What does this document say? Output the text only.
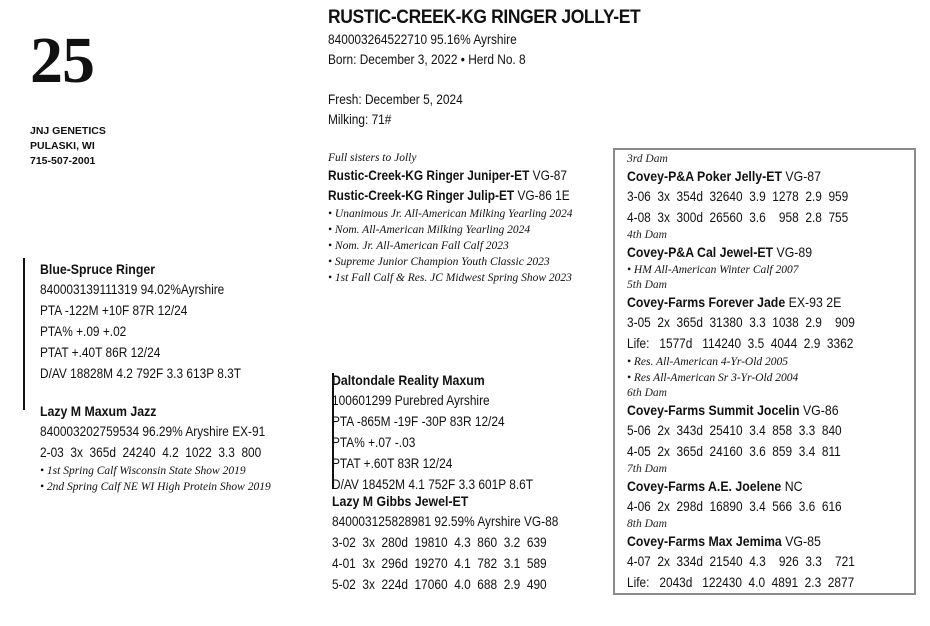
25
JNJ GENETICS
PULASKI, WI
715-507-2001
RUSTIC-CREEK-KG RINGER JOLLY-ET
840003264522710 95.16% Ayrshire
Born: December 3, 2022 • Herd No. 8
Fresh: December 5, 2024
Milking: 71#
Full sisters to Jolly
Rustic-Creek-KG Ringer Juniper-ET VG-87
Rustic-Creek-KG Ringer Julip-ET VG-86 1E
• Unanimous Jr. All-American Milking Yearling 2024
• Nom. All-American Milking Yearling 2024
• Nom. Jr. All-American Fall Calf 2023
• Supreme Junior Champion Youth Classic 2023
• 1st Fall Calf & Res. JC Midwest Spring Show 2023
Blue-Spruce Ringer
840003139111319 94.02%Ayrshire
PTA -122M +10F 87R 12/24
PTA% +.09 +.02
PTAT +.40T 86R 12/24
D/AV 18828M 4.2 792F 3.3 613P 8.3T
Lazy M Maxum Jazz
840003202759534 96.29% Aryshire EX-91
2-03  3x  365d  24240  4.2  1022  3.3  800
• 1st Spring Calf Wisconsin State Show 2019
• 2nd Spring Calf NE WI High Protein Show 2019
Daltondale Reality Maxum
100601299 Purebred Ayrshire
PTA -865M -19F -30P 83R 12/24
PTA% +.07 -.03
PTAT +.60T 83R 12/24
D/AV 18452M 4.1 752F 3.3 601P 8.6T
Lazy M Gibbs Jewel-ET
840003125828981 92.59% Ayrshire VG-88
3-02  3x  280d  19810  4.3  860  3.2  639
4-01  3x  296d  19270  4.1  782  3.1  589
5-02  3x  224d  17060  4.0  688  2.9  490
3rd Dam
Covey-P&A Poker Jelly-ET VG-87
3-06  3x  354d  32640  3.9  1278  2.9  959
4-08  3x  300d  26560  3.6    958  2.8  755
4th Dam
Covey-P&A Cal Jewel-ET VG-89
• HM All-American Winter Calf 2007
5th Dam
Covey-Farms Forever Jade EX-93 2E
3-05  2x  365d  31380  3.3  1038  2.9    909
Life:   1577d   114240  3.5  4044  2.9  3362
• Res. All-American 4-Yr-Old 2005
• Res All-American Sr 3-Yr-Old 2004
6th Dam
Covey-Farms Summit Jocelin VG-86
5-06  2x  343d  25410  3.4  858  3.3  840
4-05  2x  365d  24160  3.6  859  3.4  811
7th Dam
Covey-Farms A.E. Joelene NC
4-06  2x  298d  16890  3.4  566  3.6  616
8th Dam
Covey-Farms Max Jemima VG-85
4-07  2x  334d  21540  4.3    926  3.3    721
Life:   2043d   122430  4.0  4891  2.3  2877
